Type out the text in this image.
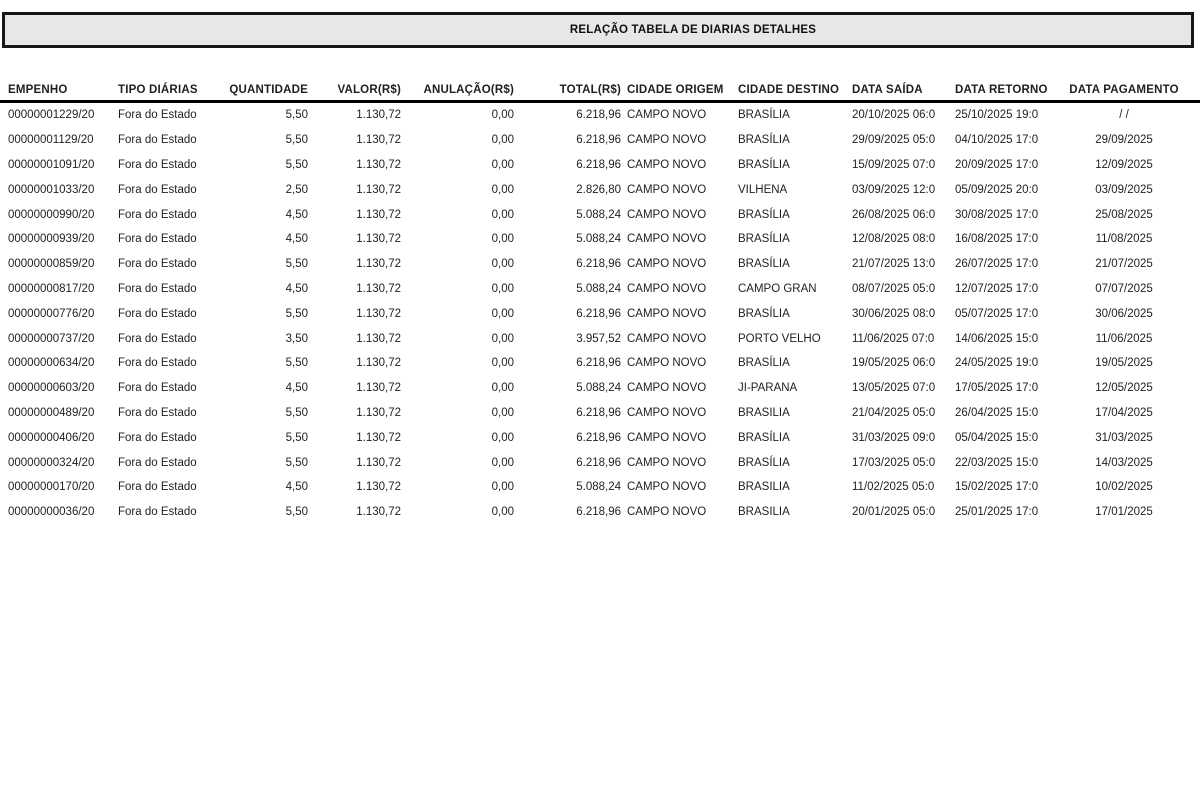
RELAÇÃO TABELA DE DIARIAS DETALHES
EMPENHO	TIPO DIÁRIAS	QUANTIDADE	VALOR(R$)	ANULAÇÃO(R$)	TOTAL(R$)	CIDADE ORIGEM	CIDADE DESTINO	DATA SAÍDA	DATA RETORNO	DATA PAGAMENTO	
00000001229/20	Fora do Estado	5,50	1.130,72	0,00	6.218,96	CAMPO NOVO	BRASÍLIA	20/10/2025 06:0	25/10/2025 19:0	/ /	
00000001129/20	Fora do Estado	5,50	1.130,72	0,00	6.218,96	CAMPO NOVO	BRASÍLIA	29/09/2025 05:0	04/10/2025 17:0	29/09/2025	
00000001091/20	Fora do Estado	5,50	1.130,72	0,00	6.218,96	CAMPO NOVO	BRASÍLIA	15/09/2025 07:0	20/09/2025 17:0	12/09/2025	
00000001033/20	Fora do Estado	2,50	1.130,72	0,00	2.826,80	CAMPO NOVO	VILHENA	03/09/2025 12:0	05/09/2025 20:0	03/09/2025	
00000000990/20	Fora do Estado	4,50	1.130,72	0,00	5.088,24	CAMPO NOVO	BRASÍLIA	26/08/2025 06:0	30/08/2025 17:0	25/08/2025	
00000000939/20	Fora do Estado	4,50	1.130,72	0,00	5.088,24	CAMPO NOVO	BRASÍLIA	12/08/2025 08:0	16/08/2025 17:0	11/08/2025	
00000000859/20	Fora do Estado	5,50	1.130,72	0,00	6.218,96	CAMPO NOVO	BRASÍLIA	21/07/2025 13:0	26/07/2025 17:0	21/07/2025	
00000000817/20	Fora do Estado	4,50	1.130,72	0,00	5.088,24	CAMPO NOVO	CAMPO GRAN	08/07/2025 05:0	12/07/2025 17:0	07/07/2025	
00000000776/20	Fora do Estado	5,50	1.130,72	0,00	6.218,96	CAMPO NOVO	BRASÍLIA	30/06/2025 08:0	05/07/2025 17:0	30/06/2025	
00000000737/20	Fora do Estado	3,50	1.130,72	0,00	3.957,52	CAMPO NOVO	PORTO VELHO	11/06/2025 07:0	14/06/2025 15:0	11/06/2025	
00000000634/20	Fora do Estado	5,50	1.130,72	0,00	6.218,96	CAMPO NOVO	BRASÍLIA	19/05/2025 06:0	24/05/2025 19:0	19/05/2025	
00000000603/20	Fora do Estado	4,50	1.130,72	0,00	5.088,24	CAMPO NOVO	JI-PARANA	13/05/2025 07:0	17/05/2025 17:0	12/05/2025	
00000000489/20	Fora do Estado	5,50	1.130,72	0,00	6.218,96	CAMPO NOVO	BRASILIA	21/04/2025 05:0	26/04/2025 15:0	17/04/2025	
00000000406/20	Fora do Estado	5,50	1.130,72	0,00	6.218,96	CAMPO NOVO	BRASÍLIA	31/03/2025 09:0	05/04/2025 15:0	31/03/2025	
00000000324/20	Fora do Estado	5,50	1.130,72	0,00	6.218,96	CAMPO NOVO	BRASÍLIA	17/03/2025 05:0	22/03/2025 15:0	14/03/2025	
00000000170/20	Fora do Estado	4,50	1.130,72	0,00	5.088,24	CAMPO NOVO	BRASILIA	11/02/2025 05:0	15/02/2025 17:0	10/02/2025	
00000000036/20	Fora do Estado	5,50	1.130,72	0,00	6.218,96	CAMPO NOVO	BRASILIA	20/01/2025 05:0	25/01/2025 17:0	17/01/2025	
